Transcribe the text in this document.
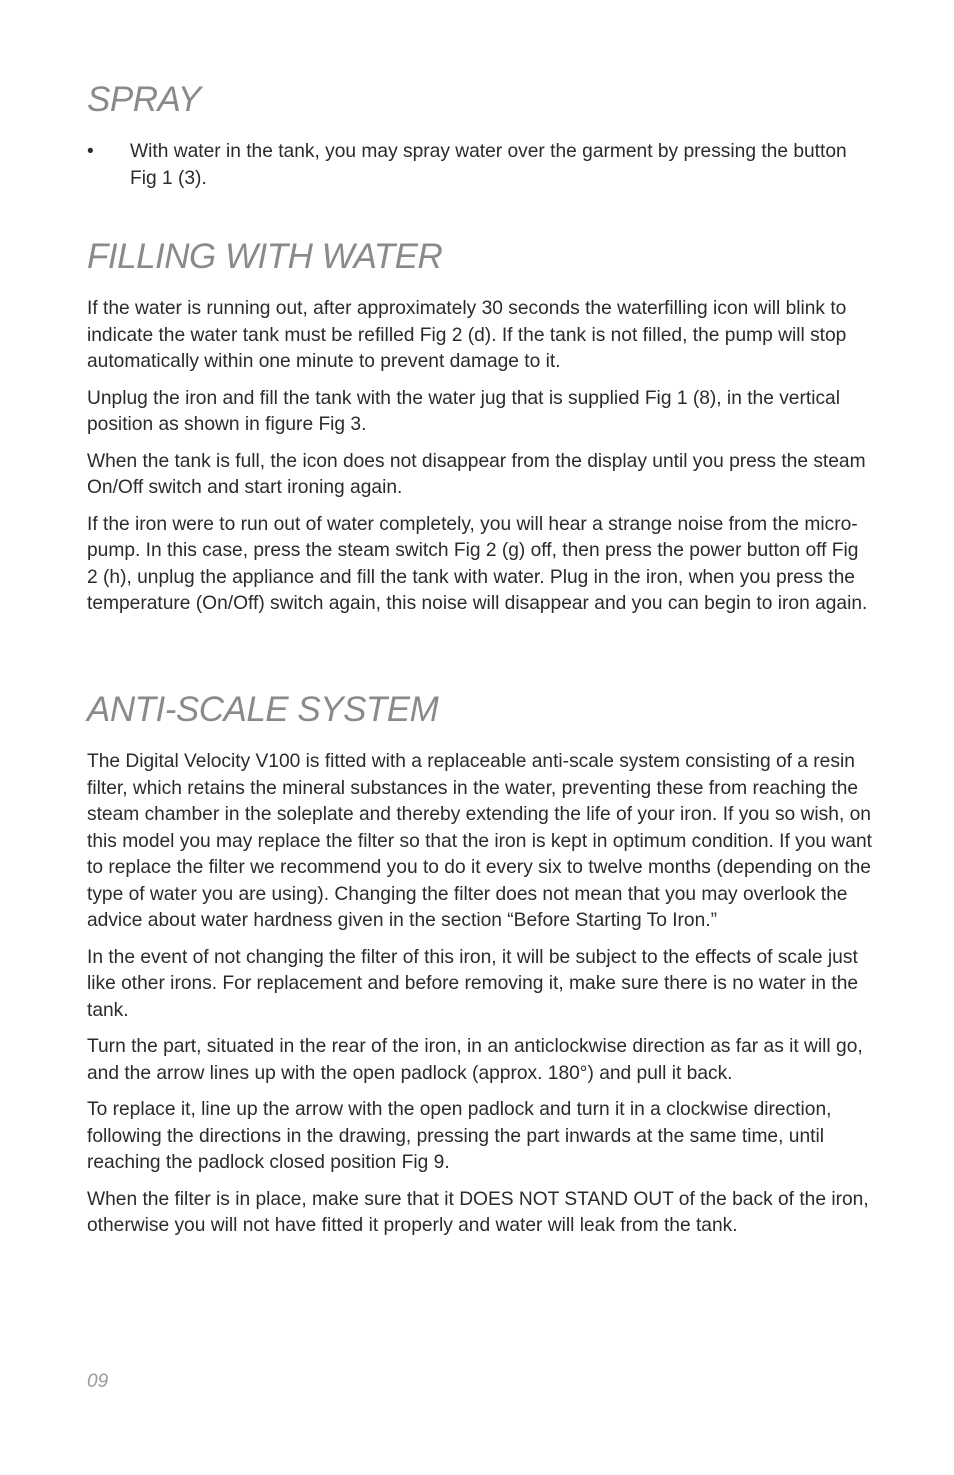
SPRAY
•	With water in the tank, you may spray water over the garment by pressing the button Fig 1 (3).
FILLING WITH WATER

If the water is running out, after approximately 30 seconds the waterfilling icon will blink to indicate the water tank must be refilled Fig 2 (d). If the tank is not filled, the pump will stop automatically within one minute to prevent damage to it.

Unplug the iron and fill the tank with the water jug that is supplied Fig 1 (8), in the vertical position as shown in figure Fig 3.

When the tank is full, the icon does not disappear from the display until you press the steam On/Off switch and start ironing again.

If the iron were to run out of water completely, you will hear a strange noise from the micro-pump. In this case, press the steam switch Fig 2 (g) off, then press the power button off Fig 2 (h), unplug the appliance and fill the tank with water. Plug in the iron, when you press the temperature (On/Off) switch again, this noise will disappear and you can begin to iron again.

ANTI-SCALE SYSTEM

The Digital Velocity V100 is fitted with a replaceable anti-scale system consisting of a resin filter, which retains the mineral substances in the water, preventing these from reaching the steam chamber in the soleplate and thereby extending the life of your iron. If you so wish, on this model you may replace the filter so that the iron is kept in optimum condition. If you want to replace the filter we recommend you to do it every six to twelve months (depending on the type of water you are using). Changing the filter does not mean that you may overlook the advice about water hardness given in the section “Before Starting To Iron.”

In the event of not changing the filter of this iron, it will be subject to the effects of scale just like other irons. For replacement and before removing it, make sure there is no water in the tank.

Turn the part, situated in the rear of the iron, in an anticlockwise direction as far as it will go, and the arrow lines up with the open padlock (approx. 180°) and pull it back.

To replace it, line up the arrow with the open padlock and turn it in a clockwise direction, following the directions in the drawing, pressing the part inwards at the same time, until reaching the padlock closed position Fig 9.

When the filter is in place, make sure that it DOES NOT STAND OUT of the back of the iron, otherwise you will not have fitted it properly and water will leak from the tank.

09
